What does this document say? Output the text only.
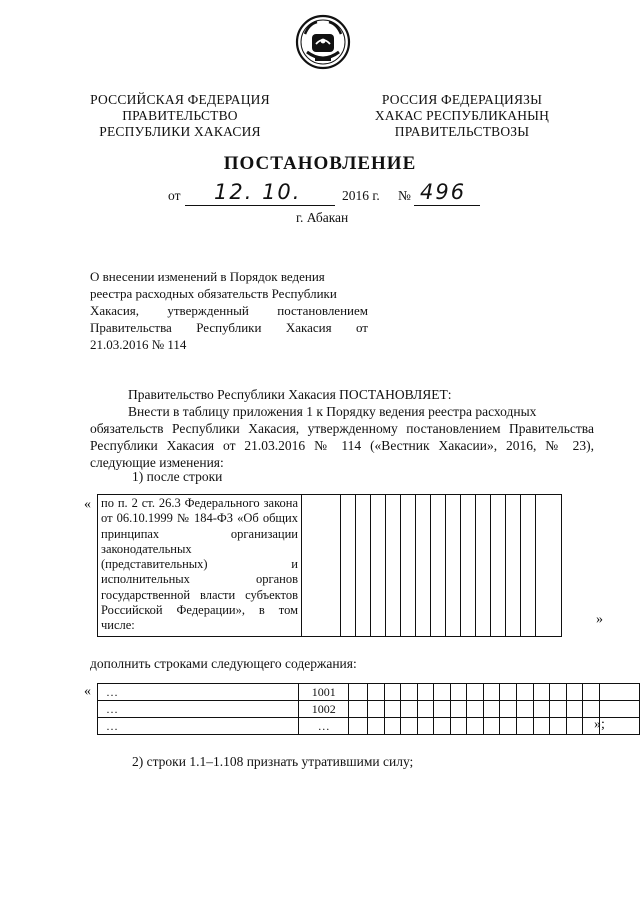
РОССИЙСКАЯ ФЕДЕРАЦИЯ
ПРАВИТЕЛЬСТВО
РЕСПУБЛИКИ ХАКАСИЯ
РОССИЯ ФЕДЕРАЦИЯЗЫ
ХАКАС РЕСПУБЛИКАНЫҢ
ПРАВИТЕЛЬСТВОЗЫ
ПОСТАНОВЛЕНИЕ
от 12. 10.	2016 г. № 496
г. Абакан
О внесении изменений в Порядок ведения
реестра расходных обязательств Республики
Хакасия, утвержденный постановлением
Правительства Республики Хакасия от
21.03.2016 № 114
Правительство Республики Хакасия ПОСТАНОВЛЯЕТ:
Внести в таблицу приложения 1 к Порядку ведения реестра расходных
обязательств Республики Хакасия, утвержденному постановлением Правительства Республики Хакасия от 21.03.2016 № 114 («Вестник Хакасии», 2016, № 23), следующие изменения:
1) после строки
« по п. 2 ст. 26.3 Федерального закона от 06.10.1999 № 184-ФЗ «Об общих принципах организации законодательных (представительных) и исполнительных органов государственной власти субъектов Российской Федерации», в том числе:																»
дополнить строками следующего содержания:
« …	1001																
…	1002																
…	…																	»;
2) строки 1.1–1.108 признать утратившими силу;
